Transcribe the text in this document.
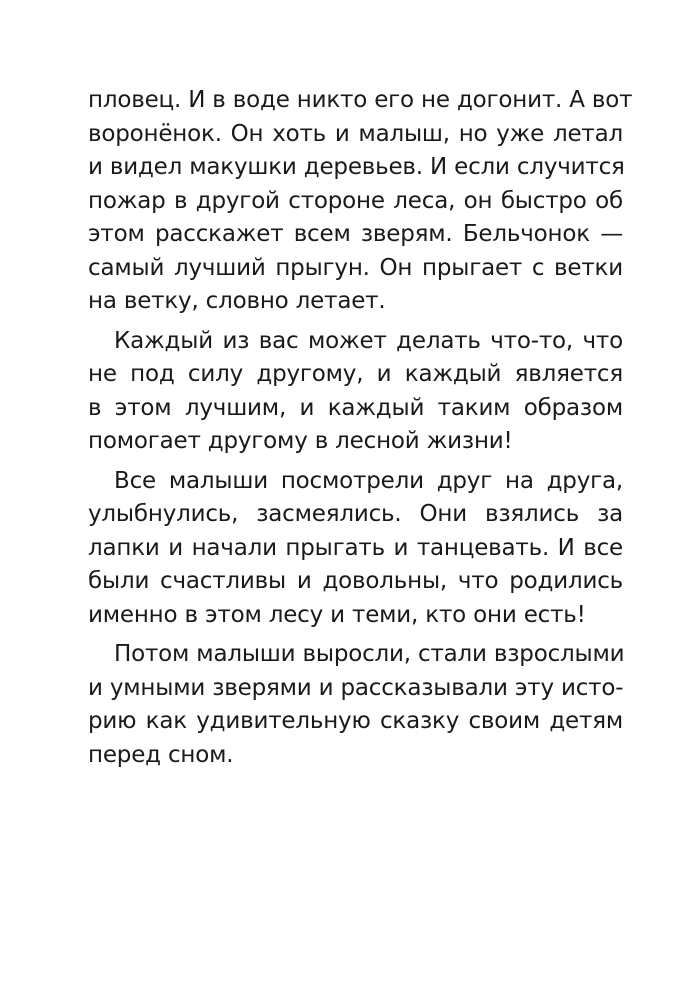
пловец. И в воде никто его не догонит. А вот
воронёнок. Он хоть и малыш, но уже летал
и видел макушки деревьев. И если случится
пожар в другой стороне леса, он быстро об
этом расскажет всем зверям. Бельчонок —
самый лучший прыгун. Он прыгает с ветки
на ветку, словно летает.
Каждый из вас может делать что-то, что
не под силу другому, и каждый является
в этом лучшим, и каждый таким образом
помогает другому в лесной жизни!
Все малыши посмотрели друг на друга,
улыбнулись, засмеялись. Они взялись за
лапки и начали прыгать и танцевать. И все
были счастливы и довольны, что родились
именно в этом лесу и теми, кто они есть!
Потом малыши выросли, стали взрослыми
и умными зверями и рассказывали эту исто-
рию как удивительную сказку своим детям
перед сном.
